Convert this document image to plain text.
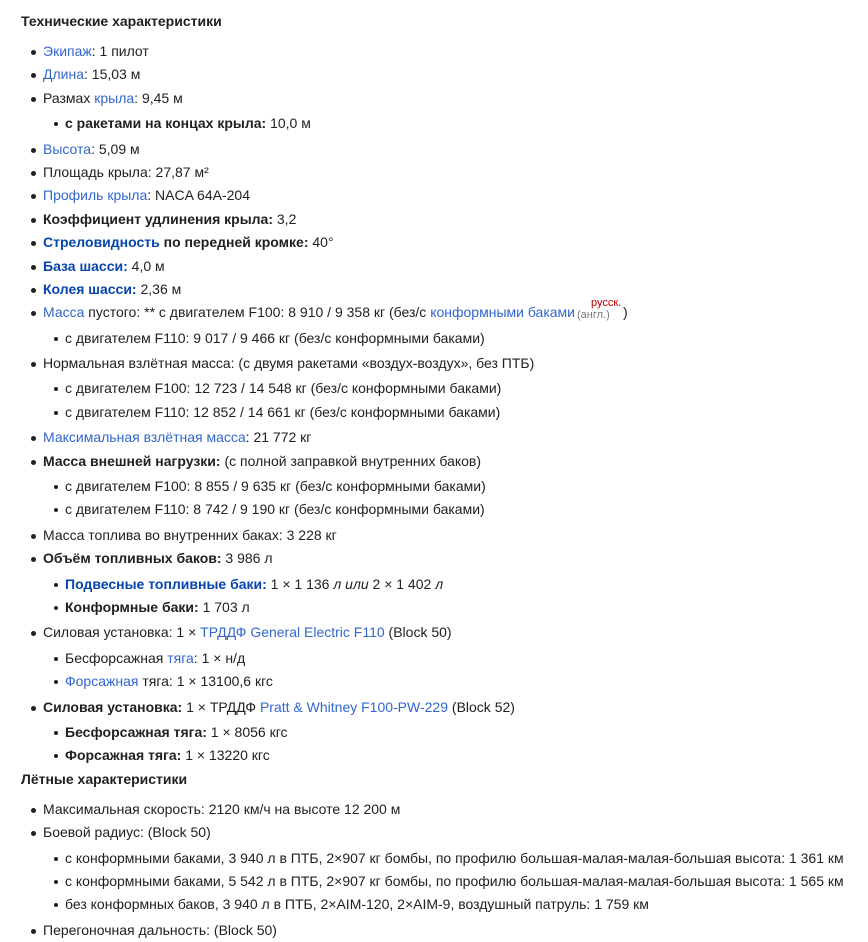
Технические характеристики
Экипаж: 1 пилот
Длина: 15,03 м
Размах крыла: 9,45 м
с ракетами на концах крыла: 10,0 м
Высота: 5,09 м
Площадь крыла: 27,87 м²
Профиль крыла: NACA 64A-204
Коэффициент удлинения крыла: 3,2
Стреловидность по передней кромке: 40°
База шасси: 4,0 м
Колея шасси: 2,36 м
Масса пустого: ** с двигателем F100: 8 910 / 9 358 кг (без/с конформными баками
русск.
(англ.) )
с двигателем F110: 9 017 / 9 466 кг (без/с конформными баками)
Нормальная взлётная масса: (с двумя ракетами «воздух-воздух», без ПТБ)
с двигателем F100: 12 723 / 14 548 кг (без/с конформными баками)
с двигателем F110: 12 852 / 14 661 кг (без/с конформными баками)
Максимальная взлётная масса: 21 772 кг
Масса внешней нагрузки: (с полной заправкой внутренних баков)
с двигателем F100: 8 855 / 9 635 кг (без/с конформными баками)
с двигателем F110: 8 742 / 9 190 кг (без/с конформными баками)
Масса топлива во внутренних баках: 3 228 кг
Объём топливных баков: 3 986 л
Подвесные топливные баки: 1 × 1 136 л или 2 × 1 402 л
Конформные баки: 1 703 л
Силовая установка: 1 × ТРДДФ General Electric F110 (Block 50)
Бесфорсажная тяга: 1 × н/д
Форсажная тяга: 1 × 13100,6 кгс
Силовая установка: 1 × ТРДДФ Pratt & Whitney F100-PW-229 (Block 52)
Бесфорсажная тяга: 1 × 8056 кгс
Форсажная тяга: 1 × 13220 кгс
Лётные характеристики
Максимальная скорость: 2120 км/ч на высоте 12 200 м
Боевой радиус: (Block 50)
с конформными баками, 3 940 л в ПТБ, 2×907 кг бомбы, по профилю большая-малая-малая-большая высота: 1 361 км
с конформными баками, 5 542 л в ПТБ, 2×907 кг бомбы, по профилю большая-малая-малая-большая высота: 1 565 км
без конформных баков, 3 940 л в ПТБ, 2×AIM-120, 2×AIM-9, воздушный патруль: 1 759 км
Перегоночная дальность: (Block 50)
